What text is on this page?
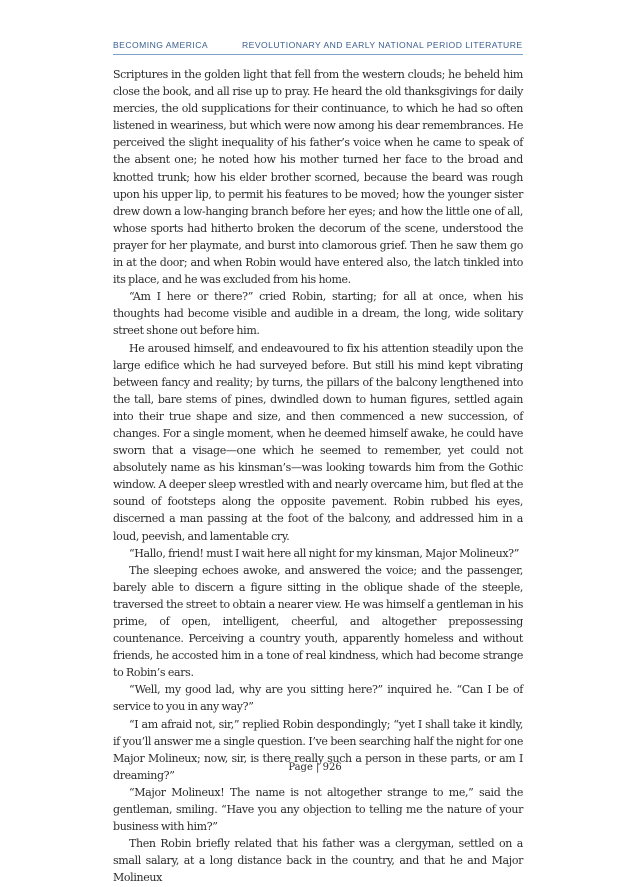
BECOMING AMERICA	REVOLUTIONARY AND EARLY NATIONAL PERIOD LITERATURE

Scriptures in the golden light that fell from the western clouds; he beheld him close the book, and all rise up to pray. He heard the old thanksgivings for daily mercies, the old supplications for their continuance, to which he had so often listened in weariness, but which were now among his dear remembrances. He perceived the slight inequality of his father’s voice when he came to speak of the absent one; he noted how his mother turned her face to the broad and knotted trunk; how his elder brother scorned, because the beard was rough upon his upper lip, to permit his features to be moved; how the younger sister drew down a low-hanging branch before her eyes; and how the little one of all, whose sports had hitherto broken the decorum of the scene, understood the prayer for her playmate, and burst into clamorous grief. Then he saw them go in at the door; and when Robin would have entered also, the latch tinkled into its place, and he was excluded from his home.

“Am I here or there?” cried Robin, starting; for all at once, when his thoughts had become visible and audible in a dream, the long, wide solitary street shone out before him.

He aroused himself, and endeavoured to fix his attention steadily upon the large edifice which he had surveyed before. But still his mind kept vibrating between fancy and reality; by turns, the pillars of the balcony lengthened into the tall, bare stems of pines, dwindled down to human figures, settled again into their true shape and size, and then commenced a new succession, of changes. For a single moment, when he deemed himself awake, he could have sworn that a visage—one which he seemed to remember, yet could not absolutely name as his kinsman’s—was looking towards him from the Gothic window. A deeper sleep wrestled with and nearly overcame him, but fled at the sound of footsteps along the opposite pavement. Robin rubbed his eyes, discerned a man passing at the foot of the balcony, and addressed him in a loud, peevish, and lamentable cry.

“Hallo, friend! must I wait here all night for my kinsman, Major Molineux?”

The sleeping echoes awoke, and answered the voice; and the passenger, barely able to discern a figure sitting in the oblique shade of the steeple, traversed the street to obtain a nearer view. He was himself a gentleman in his prime, of open, intelligent, cheerful, and altogether prepossessing countenance. Perceiving a country youth, apparently homeless and without friends, he accosted him in a tone of real kindness, which had become strange to Robin’s ears.

“Well, my good lad, why are you sitting here?” inquired he. “Can I be of service to you in any way?”

“I am afraid not, sir,” replied Robin despondingly; “yet I shall take it kindly, if you’ll answer me a single question. I’ve been searching half the night for one Major Molineux; now, sir, is there really such a person in these parts, or am I dreaming?”

“Major Molineux! The name is not altogether strange to me,” said the gentleman, smiling. “Have you any objection to telling me the nature of your business with him?”

Then Robin briefly related that his father was a clergyman, settled on a small salary, at a long distance back in the country, and that he and Major Molineux

Page | 926
